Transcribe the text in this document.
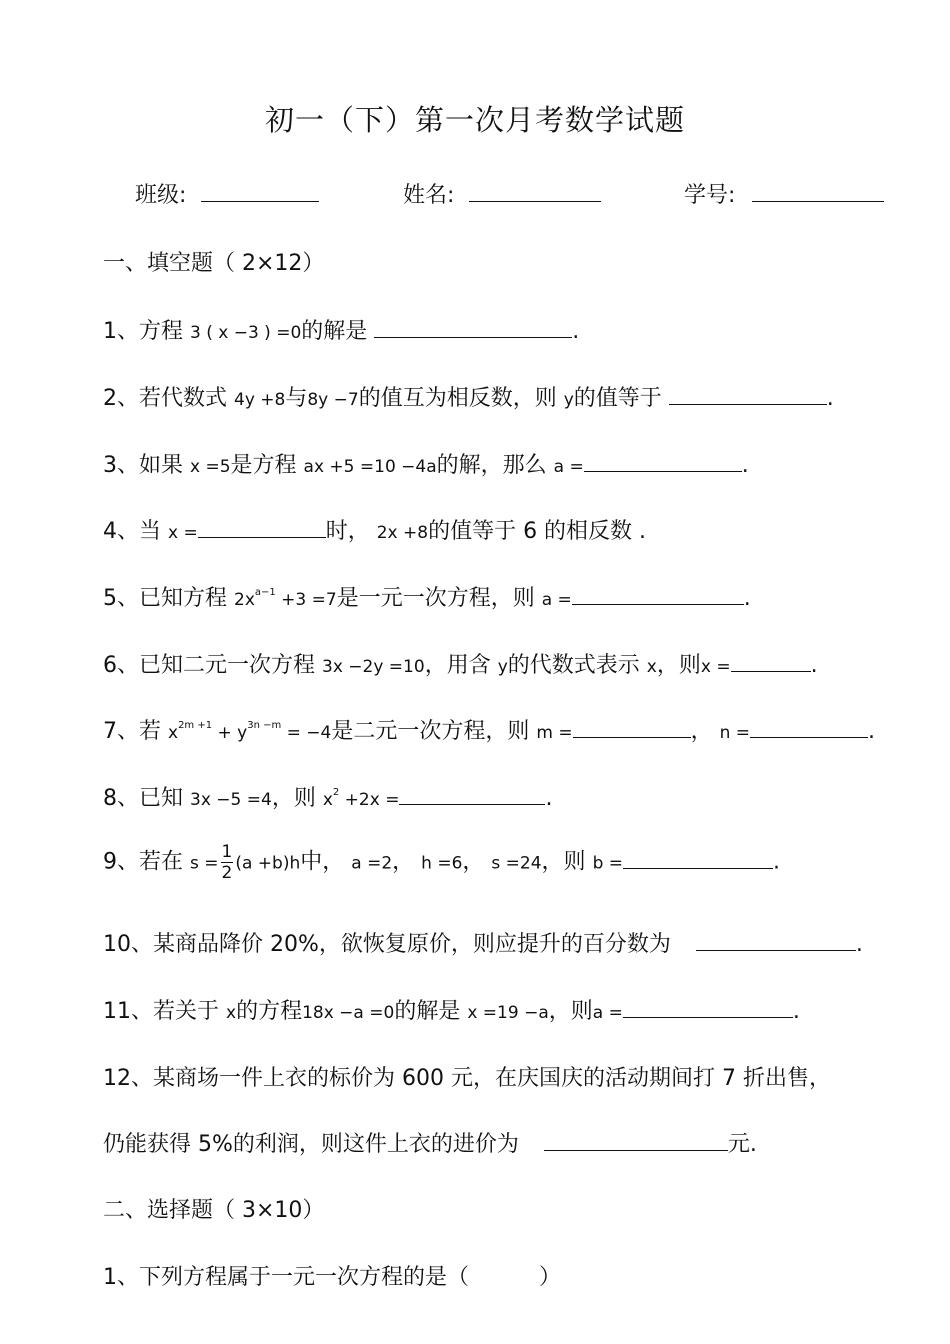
初一（下）第一次月考数学试题
班级:	姓名:	学号:
一、填空题（ 2×12）
1、方程 3 ( x −3 ) =0的解是	.
2、若代数式 4y +8与8y −7的值互为相反数，则 y的值等于	.
3、如果 x =5是方程 ax +5 =10 −4a的解，那么 a =	.
4、当 x =	时， 2x +8的值等于 6 的相反数 .
5、已知方程 $2x^{a-1} +3 =7$是一元一次方程，则 a =	.
6、已知二元一次方程 3x −2y =10，用含 y的代数式表示 x，则x =	.
7、若 $x^{2m +1} + y^{3n -m} = -4$是二元一次方程，则 m =	， n =	.
8、已知 3x −5 =4，则 $x^2 +2x$ =	.
9、若在 $s = \frac{1}{2} (a +b)h$中， a =2， h =6， s =24，则 b =	.
10、某商品降价 20%，欲恢复原价，则应提升的百分数为	.
11、若关于 x的方程18x −a =0的解是 x =19 −a，则a =	.
12、某商场一件上衣的标价为 600 元，在庆国庆的活动期间打 7 折出售，
仍能获得 5%的利润，则这件上衣的进价为	元.
二、选择题（ 3×10）
1、下列方程属于一元一次方程的是（	）
